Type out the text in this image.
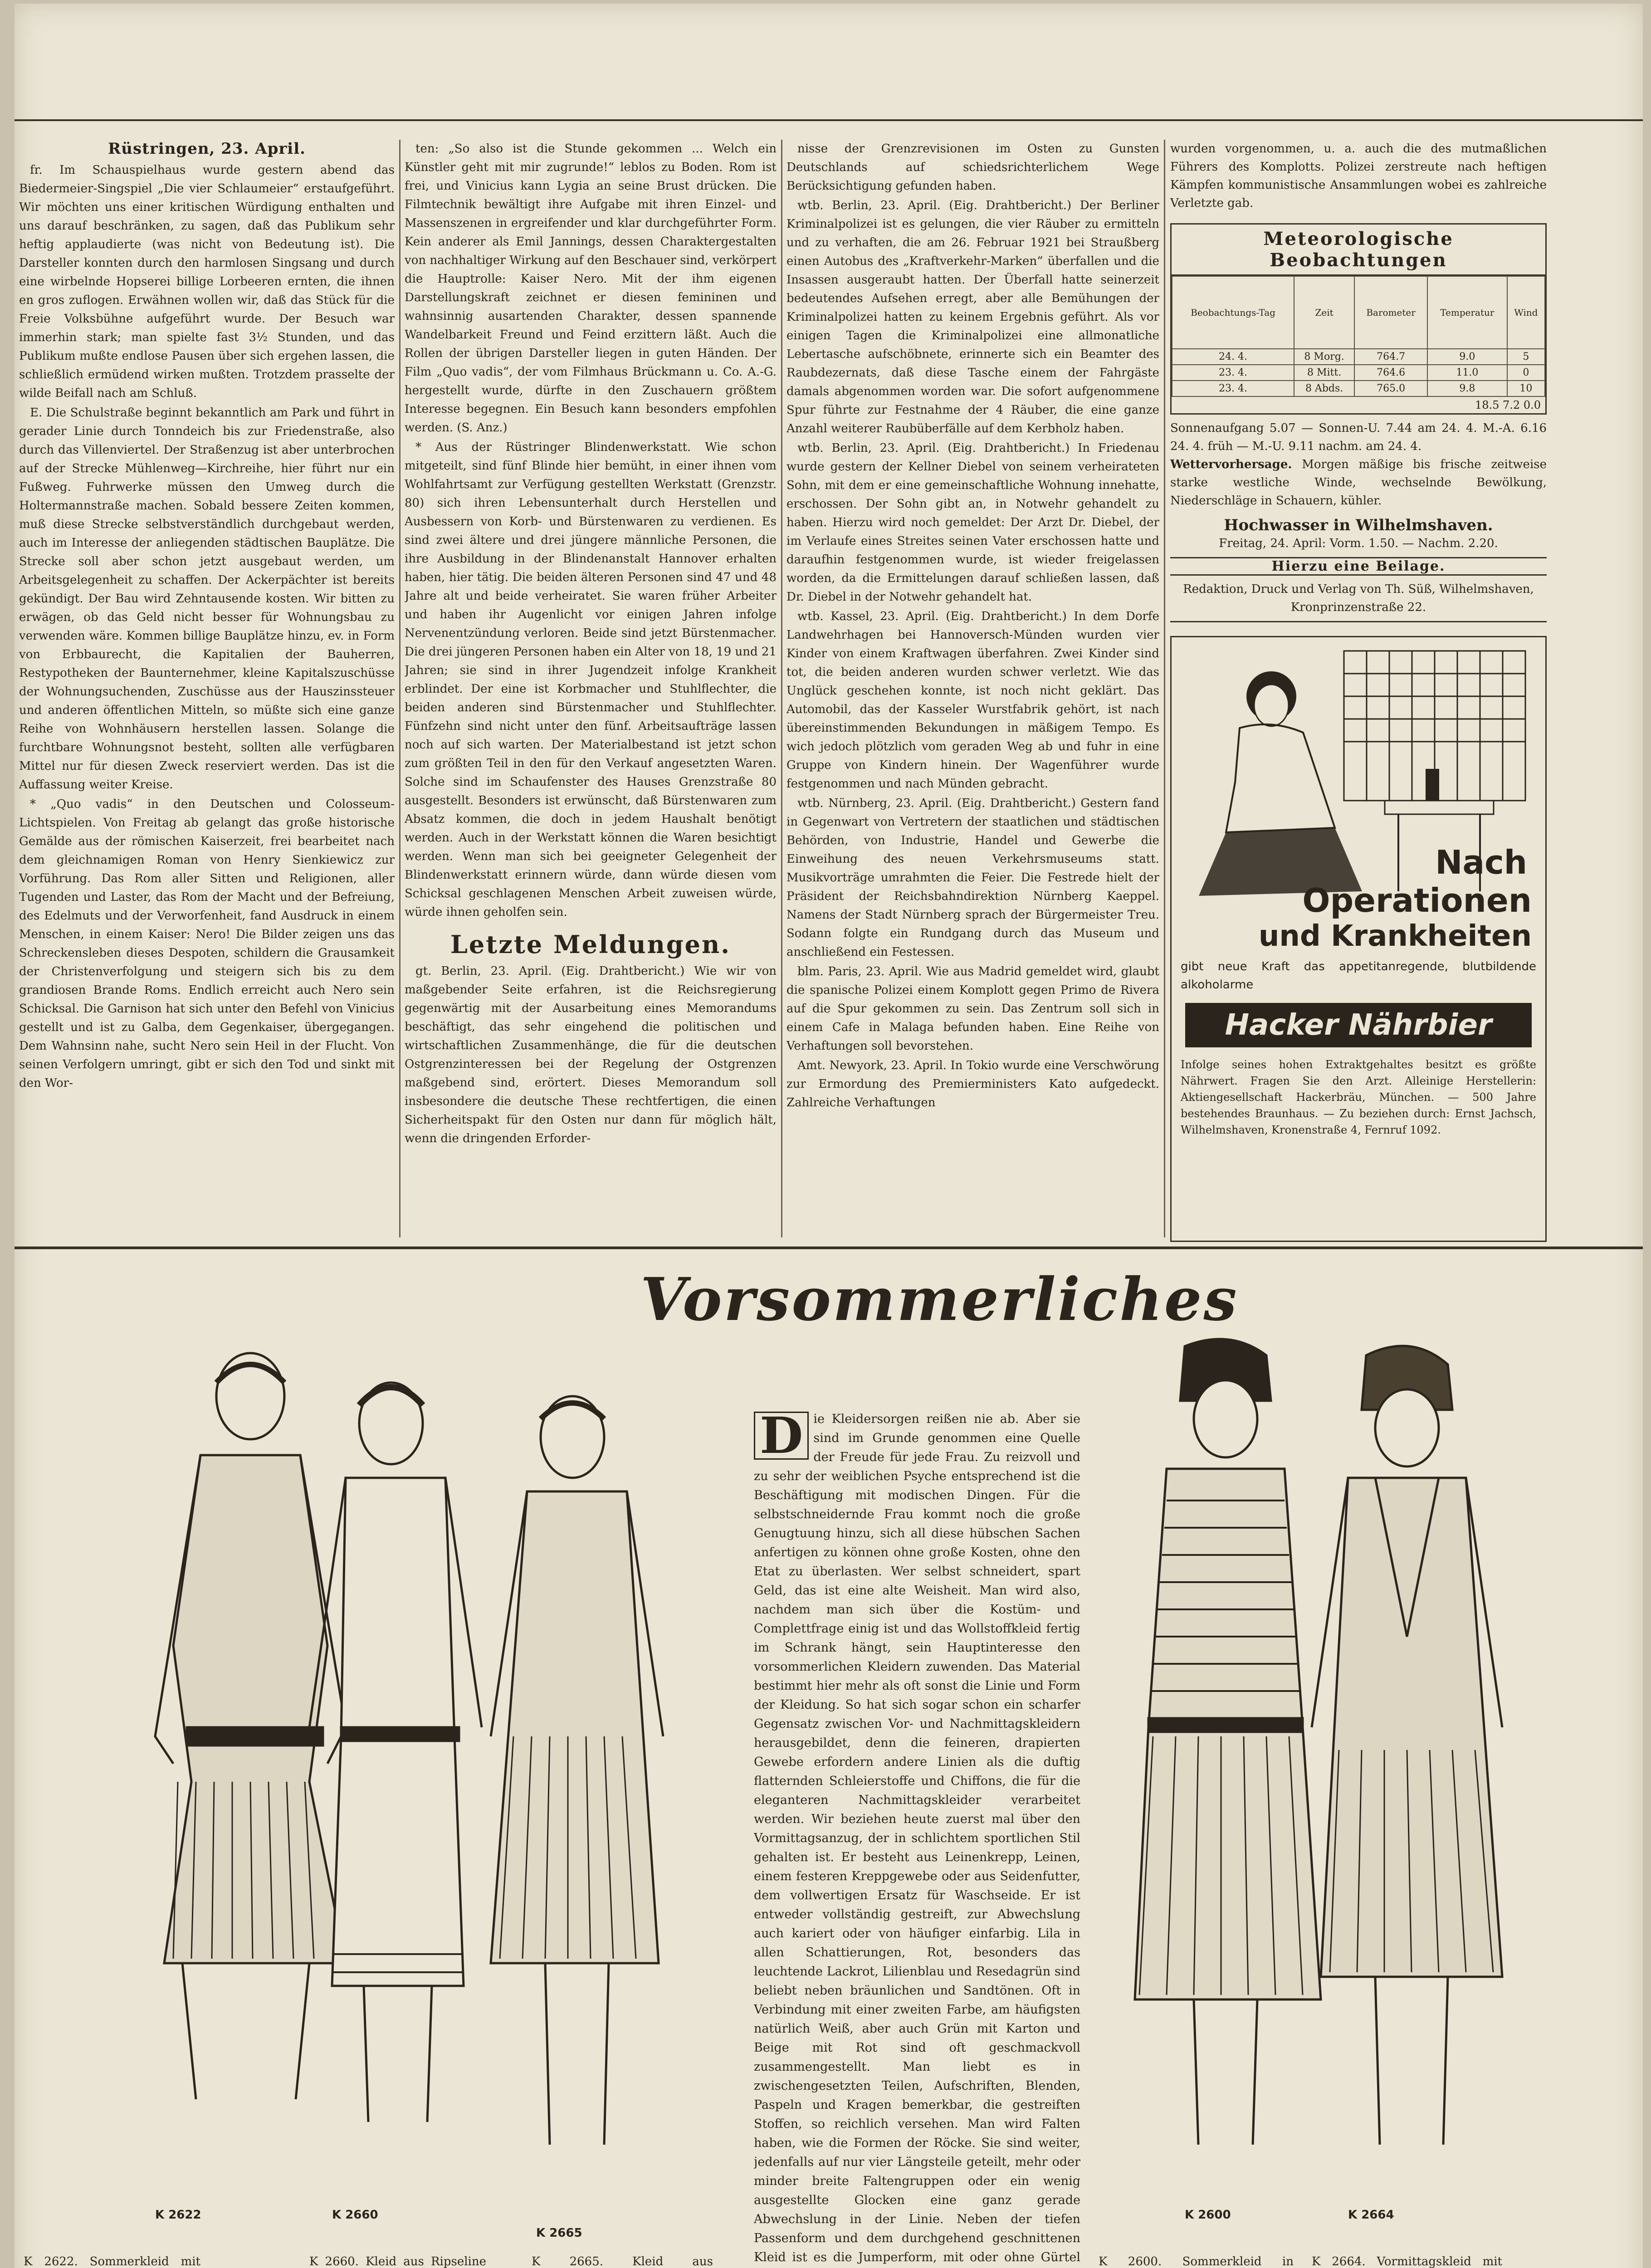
Rüstringen, 23. April.

fr. Im Schauspielhaus wurde gestern abend das Biedermeier-Singspiel „Die vier Schlaumeier“ erstaufgeführt. Wir möchten uns einer kritischen Würdigung enthalten und uns darauf beschränken, zu sagen, daß das Publikum sehr heftig applaudierte (was nicht von Bedeutung ist). Die Darsteller konnten durch den harmlosen Singsang und durch eine wirbelnde Hopserei billige Lorbeeren ernten, die ihnen en gros zuflogen. Erwähnen wollen wir, daß das Stück für die Freie Volksbühne aufgeführt wurde. Der Besuch war immerhin stark; man spielte fast 3½ Stunden, und das Publikum mußte endlose Pausen über sich ergehen lassen, die schließlich ermüdend wirken mußten. Trotzdem prasselte der wilde Beifall nach am Schluß.

E. Die Schulstraße beginnt bekanntlich am Park und führt in gerader Linie durch Tonndeich bis zur Friedenstraße, also durch das Villenviertel. Der Straßenzug ist aber unterbrochen auf der Strecke Mühlenweg—Kirchreihe, hier führt nur ein Fußweg. Fuhrwerke müssen den Umweg durch die Holtermannstraße machen. Sobald bessere Zeiten kommen, muß diese Strecke selbstverständlich durchgebaut werden, auch im Interesse der anliegenden städtischen Bauplätze. Die Strecke soll aber schon jetzt ausgebaut werden, um Arbeitsgelegenheit zu schaffen. Der Ackerpächter ist bereits gekündigt. Der Bau wird Zehntausende kosten. Wir bitten zu erwägen, ob das Geld nicht besser für Wohnungsbau zu verwenden wäre. Kommen billige Bauplätze hinzu, ev. in Form von Erbbaurecht, die Kapitalien der Bauherren, Restypotheken der Baunternehmer, kleine Kapitalszuschüsse der Wohnungsuchenden, Zuschüsse aus der Hauszinssteuer und anderen öffentlichen Mitteln, so müßte sich eine ganze Reihe von Wohnhäusern herstellen lassen. Solange die furchtbare Wohnungsnot besteht, sollten alle verfügbaren Mittel nur für diesen Zweck reserviert werden. Das ist die Auffassung weiter Kreise.

* „Quo vadis“ in den Deutschen und Colosseum-Lichtspielen. Von Freitag ab gelangt das große historische Gemälde aus der römischen Kaiserzeit, frei bearbeitet nach dem gleichnamigen Roman von Henry Sienkiewicz zur Vorführung. Das Rom aller Sitten und Religionen, aller Tugenden und Laster, das Rom der Macht und der Befreiung, des Edelmuts und der Verworfenheit, fand Ausdruck in einem Menschen, in einem Kaiser: Nero! Die Bilder zeigen uns das Schreckensleben dieses Despoten, schildern die Grausamkeit der Christenverfolgung und steigern sich bis zu dem grandiosen Brande Roms. Endlich erreicht auch Nero sein Schicksal. Die Garnison hat sich unter den Befehl von Vinicius gestellt und ist zu Galba, dem Gegenkaiser, übergegangen. Dem Wahnsinn nahe, sucht Nero sein Heil in der Flucht. Von seinen Verfolgern umringt, gibt er sich den Tod und sinkt mit den Wor-

ten: „So also ist die Stunde gekommen ... Welch ein Künstler geht mit mir zugrunde!“ leblos zu Boden. Rom ist frei, und Vinicius kann Lygia an seine Brust drücken. Die Filmtechnik bewältigt ihre Aufgabe mit ihren Einzel- und Massenszenen in ergreifender und klar durchgeführter Form. Kein anderer als Emil Jannings, dessen Charaktergestalten von nachhaltiger Wirkung auf den Beschauer sind, verkörpert die Hauptrolle: Kaiser Nero. Mit der ihm eigenen Darstellungskraft zeichnet er diesen femininen und wahnsinnig ausartenden Charakter, dessen spannende Wandelbarkeit Freund und Feind erzittern läßt. Auch die Rollen der übrigen Darsteller liegen in guten Händen. Der Film „Quo vadis“, der vom Filmhaus Brückmann u. Co. A.-G. hergestellt wurde, dürfte in den Zuschauern größtem Interesse begegnen. Ein Besuch kann besonders empfohlen werden. (S. Anz.)

* Aus der Rüstringer Blindenwerkstatt. Wie schon mitgeteilt, sind fünf Blinde hier bemüht, in einer ihnen vom Wohlfahrtsamt zur Verfügung gestellten Werkstatt (Grenzstr. 80) sich ihren Lebensunterhalt durch Herstellen und Ausbessern von Korb- und Bürstenwaren zu verdienen. Es sind zwei ältere und drei jüngere männliche Personen, die ihre Ausbildung in der Blindenanstalt Hannover erhalten haben, hier tätig. Die beiden älteren Personen sind 47 und 48 Jahre alt und beide verheiratet. Sie waren früher Arbeiter und haben ihr Augenlicht vor einigen Jahren infolge Nervenentzündung verloren. Beide sind jetzt Bürstenmacher. Die drei jüngeren Personen haben ein Alter von 18, 19 und 21 Jahren; sie sind in ihrer Jugendzeit infolge Krankheit erblindet. Der eine ist Korbmacher und Stuhlflechter, die beiden anderen sind Bürstenmacher und Stuhlflechter. Fünfzehn sind nicht unter den fünf. Arbeitsaufträge lassen noch auf sich warten. Der Materialbestand ist jetzt schon zum größten Teil in den für den Verkauf angesetzten Waren. Solche sind im Schaufenster des Hauses Grenzstraße 80 ausgestellt. Besonders ist erwünscht, daß Bürstenwaren zum Absatz kommen, die doch in jedem Haushalt benötigt werden. Auch in der Werkstatt können die Waren besichtigt werden. Wenn man sich bei geeigneter Gelegenheit der Blindenwerkstatt erinnern würde, dann würde diesen vom Schicksal geschlagenen Menschen Arbeit zuweisen würde, würde ihnen geholfen sein.

Letzte Meldungen.

gt. Berlin, 23. April. (Eig. Drahtbericht.) Wie wir von maßgebender Seite erfahren, ist die Reichsregierung gegenwärtig mit der Ausarbeitung eines Memorandums beschäftigt, das sehr eingehend die politischen und wirtschaftlichen Zusammenhänge, die für die deutschen Ostgrenzinteressen bei der Regelung der Ostgrenzen maßgebend sind, erörtert. Dieses Memorandum soll insbesondere die deutsche These rechtfertigen, die einen Sicherheitspakt für den Osten nur dann für möglich hält, wenn die dringenden Erforder-

nisse der Grenzrevisionen im Osten zu Gunsten Deutschlands auf schiedsrichterlichem Wege Berücksichtigung gefunden haben.

wtb. Berlin, 23. April. (Eig. Drahtbericht.) Der Berliner Kriminalpolizei ist es gelungen, die vier Räuber zu ermitteln und zu verhaften, die am 26. Februar 1921 bei Straußberg einen Autobus des „Kraftverkehr-Marken“ überfallen und die Insassen ausgeraubt hatten. Der Überfall hatte seinerzeit bedeutendes Aufsehen erregt, aber alle Bemühungen der Kriminalpolizei hatten zu keinem Ergebnis geführt. Als vor einigen Tagen die Kriminalpolizei eine allmonatliche Lebertasche aufschöbnete, erinnerte sich ein Beamter des Raubdezernats, daß diese Tasche einem der Fahrgäste damals abgenommen worden war. Die sofort aufgenommene Spur führte zur Festnahme der 4 Räuber, die eine ganze Anzahl weiterer Raubüberfälle auf dem Kerbholz haben.

wtb. Berlin, 23. April. (Eig. Drahtbericht.) In Friedenau wurde gestern der Kellner Diebel von seinem verheirateten Sohn, mit dem er eine gemeinschaftliche Wohnung innehatte, erschossen. Der Sohn gibt an, in Notwehr gehandelt zu haben. Hierzu wird noch gemeldet: Der Arzt Dr. Diebel, der im Verlaufe eines Streites seinen Vater erschossen hatte und daraufhin festgenommen wurde, ist wieder freigelassen worden, da die Ermittelungen darauf schließen lassen, daß Dr. Diebel in der Notwehr gehandelt hat.

wtb. Kassel, 23. April. (Eig. Drahtbericht.) In dem Dorfe Landwehrhagen bei Hannoversch-Münden wurden vier Kinder von einem Kraftwagen überfahren. Zwei Kinder sind tot, die beiden anderen wurden schwer verletzt. Wie das Unglück geschehen konnte, ist noch nicht geklärt. Das Automobil, das der Kasseler Wurstfabrik gehört, ist nach übereinstimmenden Bekundungen in mäßigem Tempo. Es wich jedoch plötzlich vom geraden Weg ab und fuhr in eine Gruppe von Kindern hinein. Der Wagenführer wurde festgenommen und nach Münden gebracht.

wtb. Nürnberg, 23. April. (Eig. Drahtbericht.) Gestern fand in Gegenwart von Vertretern der staatlichen und städtischen Behörden, von Industrie, Handel und Gewerbe die Einweihung des neuen Verkehrsmuseums statt. Musikvorträge umrahmten die Feier. Die Festrede hielt der Präsident der Reichsbahndirektion Nürnberg Kaeppel. Namens der Stadt Nürnberg sprach der Bürgermeister Treu. Sodann folgte ein Rundgang durch das Museum und anschließend ein Festessen.

blm. Paris, 23. April. Wie aus Madrid gemeldet wird, glaubt die spanische Polizei einem Komplott gegen Primo de Rivera auf die Spur gekommen zu sein. Das Zentrum soll sich in einem Cafe in Malaga befunden haben. Eine Reihe von Verhaftungen soll bevorstehen.

Amt. Newyork, 23. April. In Tokio wurde eine Verschwörung zur Ermordung des Premierministers Kato aufgedeckt. Zahlreiche Verhaftungen

wurden vorgenommen, u. a. auch die des mutmaßlichen Führers des Komplotts. Polizei zerstreute nach heftigen Kämpfen kommunistische Ansammlungen wobei es zahlreiche Verletzte gab.
Meteorologische Beobachtungen
Beobachtungs-Tag	Zeit	Barometer	Temperatur	Wind
24. 4.	8 Morg.	764.7	9.0	5
23. 4.	8 Mitt.	764.6	11.0	0
23. 4.	8 Abds.	765.0	9.8	10
18.5 7.2 0.0
Sonnenaufgang 5.07 — Sonnen-U. 7.44 am 24. 4. M.-A. 6.16 24. 4. früh — M.-U. 9.11 nachm. am 24. 4.
Wettervorhersage. Morgen mäßige bis frische zeitweise starke westliche Winde, wechselnde Bewölkung, Niederschläge in Schauern, kühler.
Hochwasser in Wilhelmshaven.
Freitag, 24. April: Vorm. 1.50. — Nachm. 2.20.
Hierzu eine Beilage.
Redaktion, Druck und Verlag von Th. Süß, Wilhelmshaven, Kronprinzenstraße 22.
Nach
Operationen
und Krankheiten
gibt neue Kraft das appetitanregende, blutbildende alkoholarme
Hacker Nährbier
Infolge seines hohen Extraktgehaltes besitzt es größte Nährwert. Fragen Sie den Arzt. Alleinige Herstellerin: Aktiengesellschaft Hackerbräu, München. — 500 Jahre bestehendes Braunhaus. — Zu beziehen durch: Ernst Jachsch, Wilhelmshaven, Kronenstraße 4, Fernruf 1092.
Vorsommerliches
K 2622	K 2660
K 2665
D ie Kleidersorgen reißen nie ab. Aber sie sind im Grunde genommen eine Quelle der Freude für jede Frau. Zu reizvoll und zu sehr der weiblichen Psyche entsprechend ist die Beschäftigung mit modischen Dingen. Für die selbstschneidernde Frau kommt noch die große Genugtuung hinzu, sich all diese hübschen Sachen anfertigen zu können ohne große Kosten, ohne den Etat zu überlasten. Wer selbst schneidert, spart Geld, das ist eine alte Weisheit. Man wird also, nachdem man sich über die Kostüm- und Complettfrage einig ist und das Wollstoffkleid fertig im Schrank hängt, sein Hauptinteresse den vorsommerlichen Kleidern zuwenden. Das Material bestimmt hier mehr als oft sonst die Linie und Form der Kleidung. So hat sich sogar schon ein scharfer Gegensatz zwischen Vor- und Nachmittagskleidern herausgebildet, denn die feineren, drapierten Gewebe erfordern andere Linien als die duftig flatternden Schleierstoffe und Chiffons, die für die eleganteren Nachmittagskleider verarbeitet werden. Wir beziehen heute zuerst mal über den Vormittagsanzug, der in schlichtem sportlichen Stil gehalten ist. Er besteht aus Leinenkrepp, Leinen, einem festeren Kreppgewebe oder aus Seidenfutter, dem vollwertigen Ersatz für Waschseide. Er ist entweder vollständig gestreift, zur Abwechslung auch kariert oder von häufiger einfarbig. Lila in allen Schattierungen, Rot, besonders das leuchtende Lackrot, Lilienblau und Resedagrün sind beliebt neben bräunlichen und Sandtönen. Oft in Verbindung mit einer zweiten Farbe, am häufigsten natürlich Weiß, aber auch Grün mit Karton und Beige mit Rot sind oft geschmackvoll zusammengestellt. Man liebt es in zwischengesetzten Teilen, Aufschriften, Blenden, Paspeln und Kragen bemerkbar, die gestreiften Stoffen, so reichlich versehen. Man wird Falten haben, wie die Formen der Röcke. Sie sind weiter, jedenfalls auf nur vier Längsteile geteilt, mehr oder minder breite Faltengruppen oder ein wenig ausgestellte Glocken eine ganz gerade Abwechslung in der Linie. Neben der tiefen Passenform und dem durchgehend geschnittenen Kleid ist es die Jumperform, mit oder ohne Gürtel
K 2600	K 2664
K 2622. Sommerkleid mit	K 2660. Kleid aus Ripseline	K 2665. Kleid aus	K 2600. Sommerkleid in K 2664. Vormittagskleid mit
